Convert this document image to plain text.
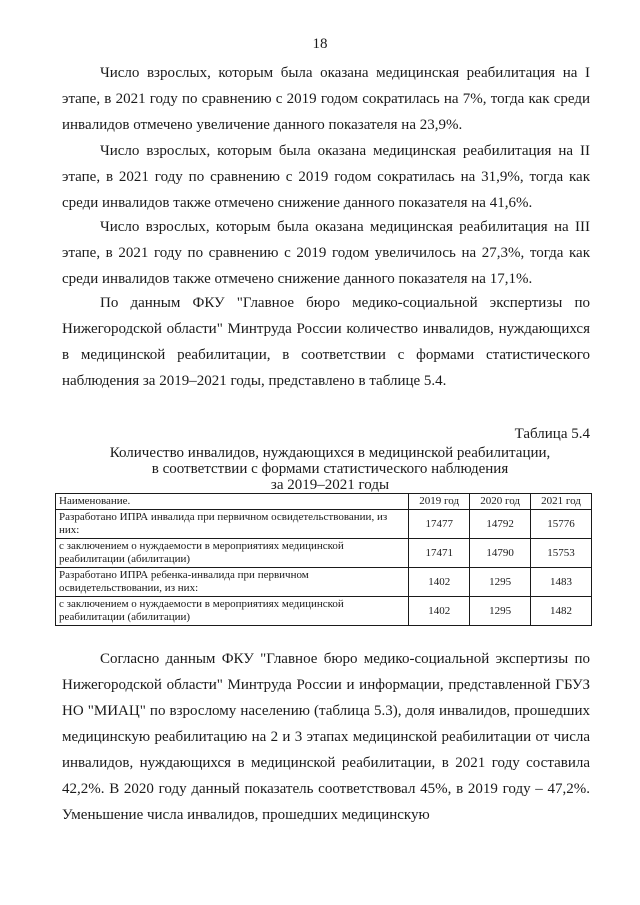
18

Число взрослых, которым была оказана медицинская реабилитация на I этапе, в 2021 году по сравнению с 2019 годом сократилась на 7%, тогда как среди инвалидов отмечено увеличение данного показателя на 23,9%.

Число взрослых, которым была оказана медицинская реабилитация на II этапе, в 2021 году по сравнению с 2019 годом сократилась на 31,9%, тогда как среди инвалидов также отмечено снижение данного показателя на 41,6%.

Число взрослых, которым была оказана медицинская реабилитация на III этапе, в 2021 году по сравнению с 2019 годом увеличилось на 27,3%, тогда как среди инвалидов также отмечено снижение данного показателя на 17,1%.

По данным ФКУ "Главное бюро медико-социальной экспертизы по Нижегородской области" Минтруда России количество инвалидов, нуждающихся в медицинской реабилитации, в соответствии с формами статистического наблюдения за 2019–2021 годы, представлено в таблице 5.4.

Таблица 5.4
Количество инвалидов, нуждающихся в медицинской реабилитации,
в соответствии с формами статистического наблюдения
за 2019–2021 годы
Наименование.	2019 год	2020 год	2021 год
Разработано ИПРА инвалида при первичном освидетельствовании, из них:	17477	14792	15776
с заключением о нуждаемости в мероприятиях медицинской реабилитации (абилитации)	17471	14790	15753
Разработано ИПРА ребенка-инвалида при первичном освидетельствовании, из них:	1402	1295	1483
с заключением о нуждаемости в мероприятиях медицинской реабилитации (абилитации)	1402	1295	1482

Согласно данным ФКУ "Главное бюро медико-социальной экспертизы по Нижегородской области" Минтруда России и информации, представленной ГБУЗ НО "МИАЦ" по взрослому населению (таблица 5.3), доля инвалидов, прошедших медицинскую реабилитацию на 2 и 3 этапах медицинской реабилитации от числа инвалидов, нуждающихся в медицинской реабилитации, в 2021 году составила 42,2%. В 2020 году данный показатель соответствовал 45%, в 2019 году – 47,2%. Уменьшение числа инвалидов, прошедших медицинскую
